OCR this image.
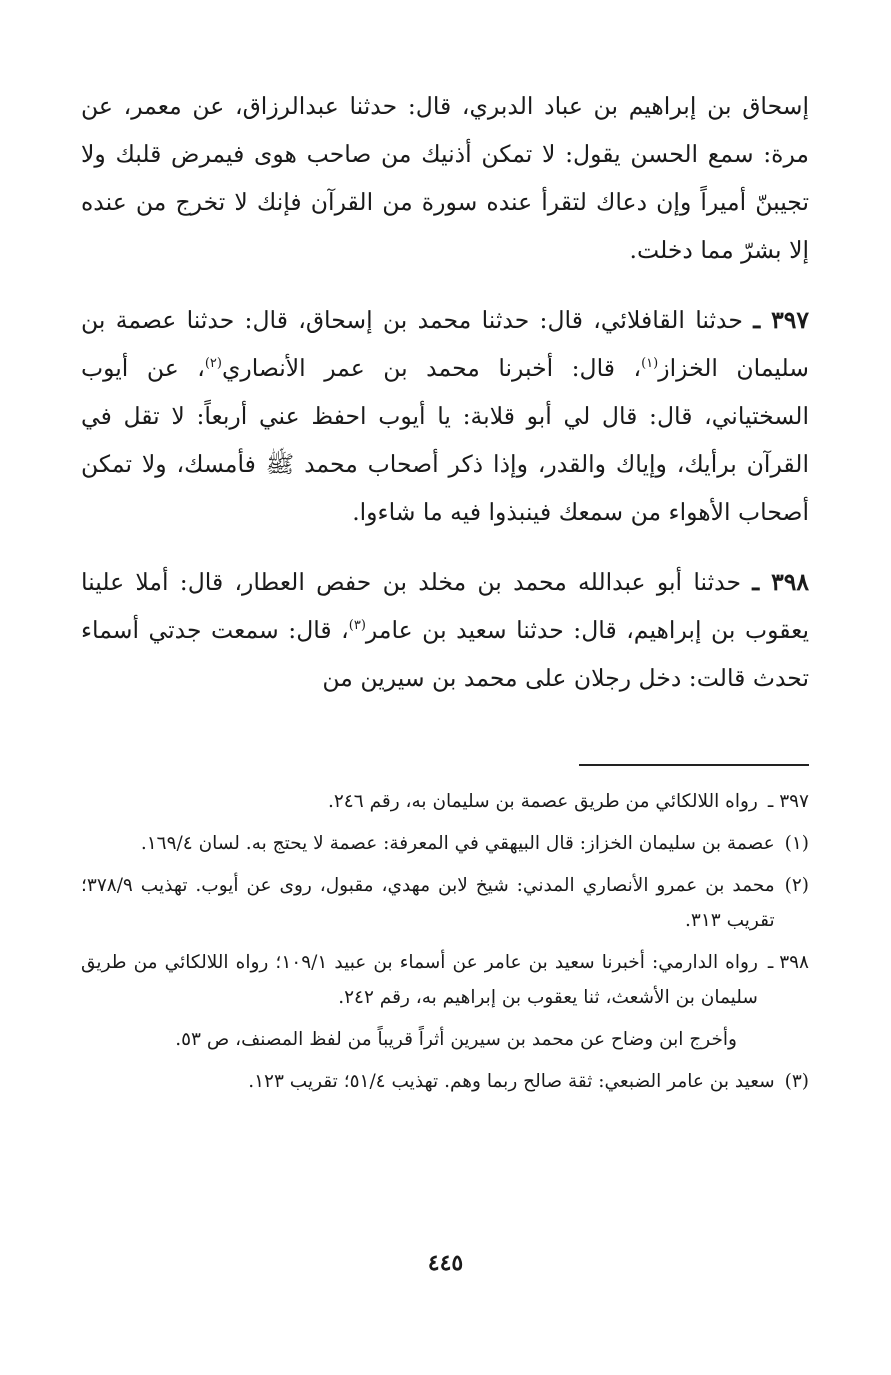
إسحاق بن إبراهيم بن عباد الدبري، قال: حدثنا عبدالرزاق، عن معمر، عن مرة: سمع الحسن يقول: لا تمكن أذنيك من صاحب هوى فيمرض قلبك ولا تجيبنّ أميراً وإن دعاك لتقرأ عنده سورة من القرآن فإنك لا تخرج من عنده إلا بشرّ مما دخلت.

٣٩٧ ـ حدثنا القافلائي، قال: حدثنا محمد بن إسحاق، قال: حدثنا عصمة بن سليمان الخزاز$^{(١)}$، قال: أخبرنا محمد بن عمر الأنصاري$^{(٢)}$، عن أيوب السختياني، قال: قال لي أبو قلابة: يا أيوب احفظ عني أربعاً: لا تقل في القرآن برأيك، وإياك والقدر، وإذا ذكر أصحاب محمد ﷺ فأمسك، ولا تمكن أصحاب الأهواء من سمعك فينبذوا فيه ما شاءوا.

٣٩٨ ـ حدثنا أبو عبدالله محمد بن مخلد بن حفص العطار، قال: أملا علينا يعقوب بن إبراهيم، قال: حدثنا سعيد بن عامر$^{(٣)}$، قال: سمعت جدتي أسماء تحدث قالت: دخل رجلان على محمد بن سيرين من

٣٩٧ ـ
رواه اللالكائي من طريق عصمة بن سليمان به، رقم ٢٤٦.
(١)
عصمة بن سليمان الخزاز: قال البيهقي في المعرفة: عصمة لا يحتج به. لسان ١٦٩/٤.
(٢)
محمد بن عمرو الأنصاري المدني: شيخ لابن مهدي، مقبول، روى عن أيوب. تهذيب ٣٧٨/٩؛ تقريب ٣١٣.
٣٩٨ ـ
رواه الدارمي: أخبرنا سعيد بن عامر عن أسماء بن عبيد ١٠٩/١؛ رواه اللالكائي من طريق سليمان بن الأشعث، ثنا يعقوب بن إبراهيم به، رقم ٢٤٢.

وأخرج ابن وضاح عن محمد بن سيرين أثراً قريباً من لفظ المصنف، ص ٥٣.

(٣)
سعيد بن عامر الضبعي: ثقة صالح ربما وهم. تهذيب ٥١/٤؛ تقريب ١٢٣.
٤٤٥
